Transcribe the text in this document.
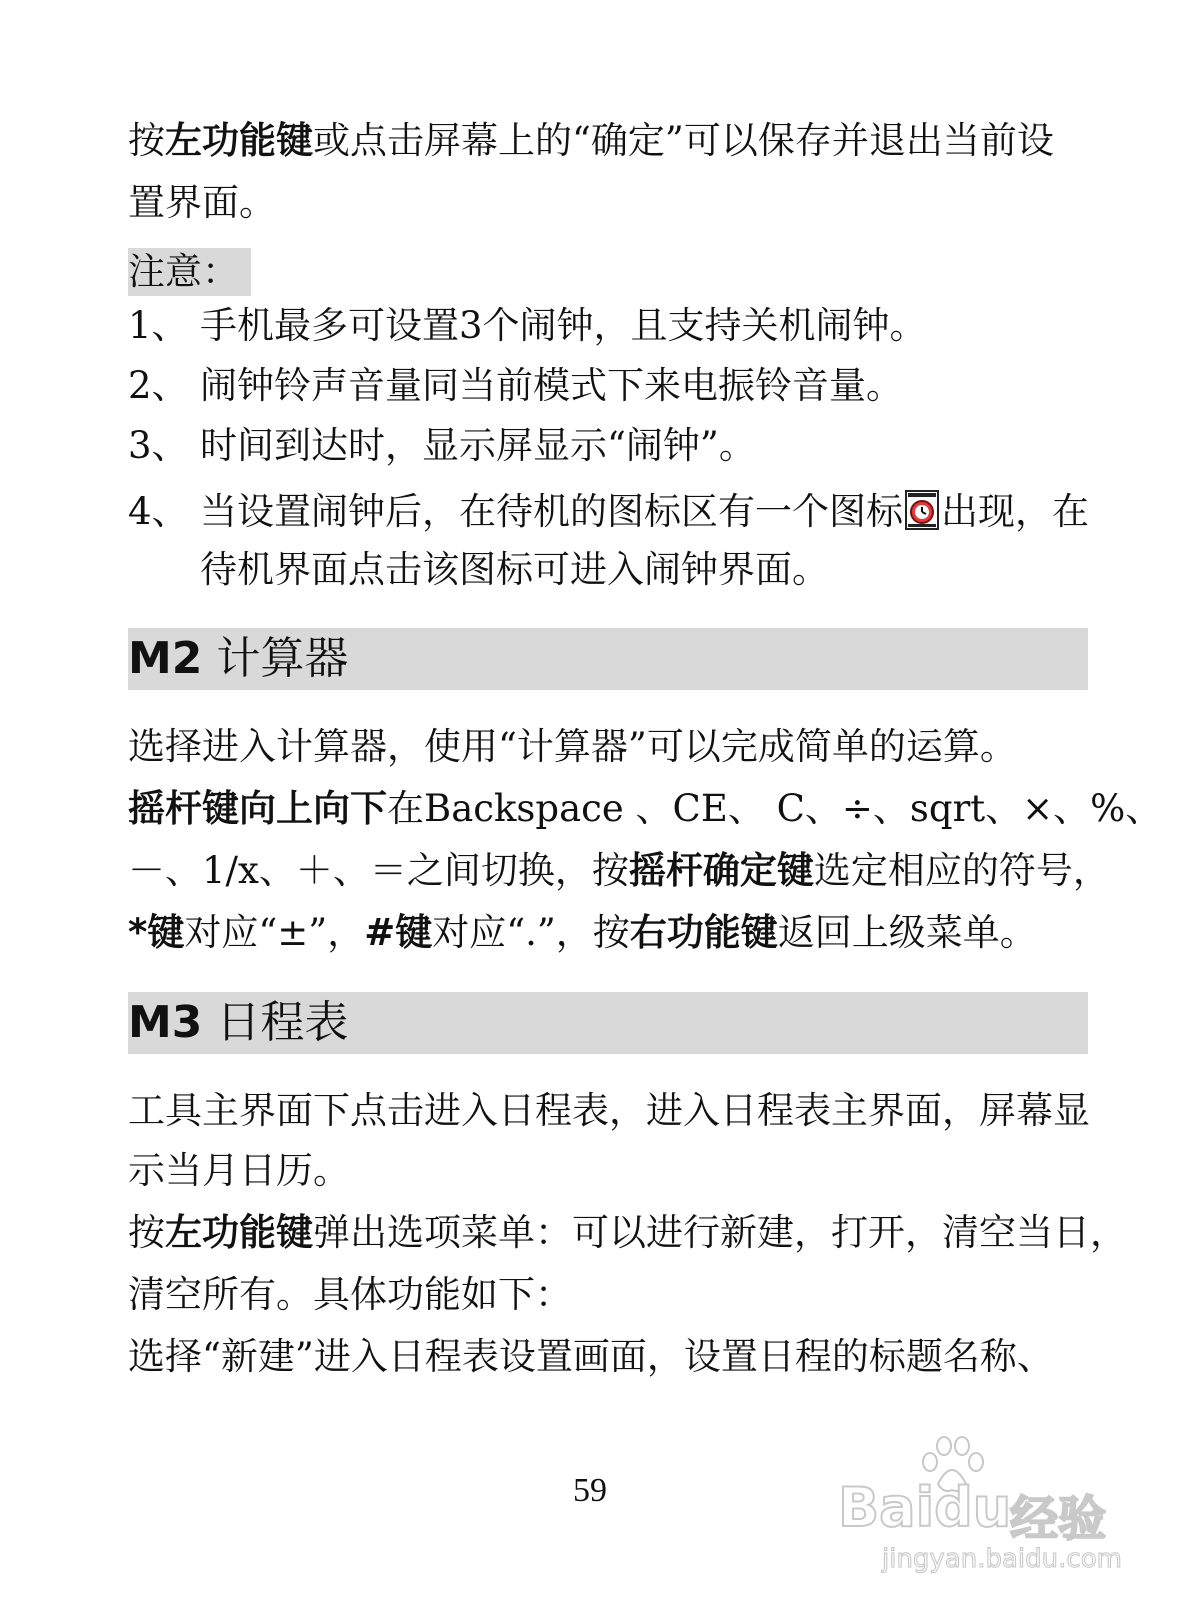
按左功能键或点击屏幕上的“确定”可以保存并退出当前设

置界面。

注意：
1、 手机最多可设置3个闹钟，且支持关机闹钟。
2、 闹钟铃声音量同当前模式下来电振铃音量。
3、 时间到达时，显示屏显示“闹钟”。
4、 当设置闹钟后，在待机的图标区有一个图标 出现，在
待机界面点击该图标可进入闹钟界面。
M2 计算器

选择进入计算器，使用“计算器”可以完成简单的运算。

摇杆键向上向下在Backspace 、CE、 C、÷、sqrt、×、%、

－、1/x、＋、＝之间切换，按摇杆确定键选定相应的符号，

*键对应“±”，#键对应“.”，按右功能键返回上级菜单。

M3 日程表

工具主界面下点击进入日程表，进入日程表主界面，屏幕显

示当月日历。

按左功能键弹出选项菜单：可以进行新建，打开，清空当日，

清空所有。具体功能如下：

选择“新建”进入日程表设置画面，设置日程的标题名称、

59	Baidu
经验
jingyan.baidu.com
